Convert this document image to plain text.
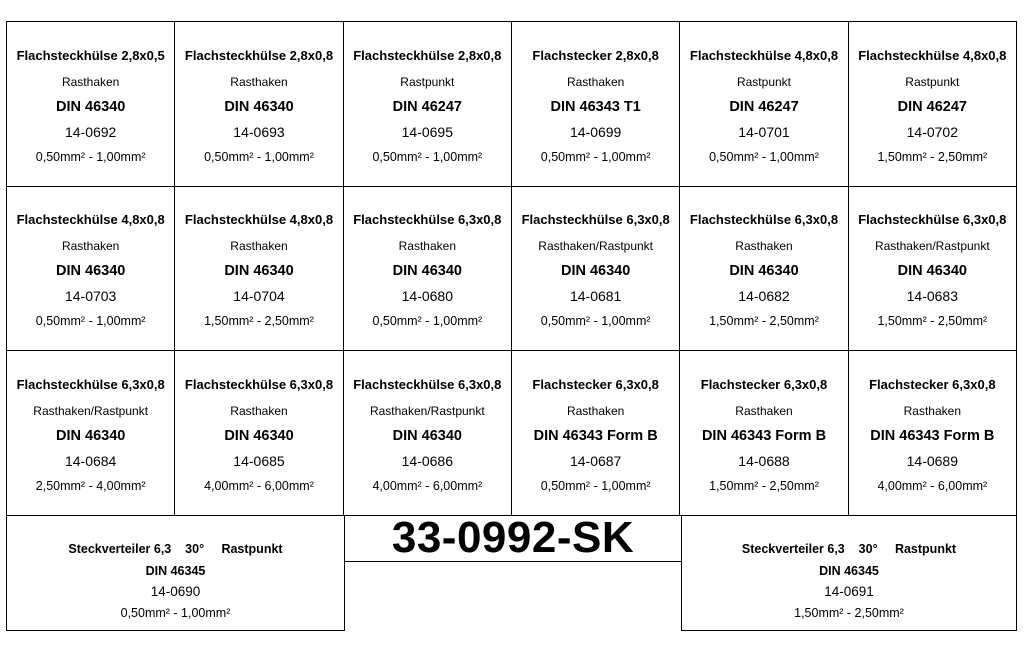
Flachsteckhülse 2,8x0,5
Rasthaken
DIN 46340
14-0692
0,50mm² - 1,00mm²
Flachsteckhülse 2,8x0,8
Rasthaken
DIN 46340
14-0693
0,50mm² - 1,00mm²
Flachsteckhülse 2,8x0,8
Rastpunkt
DIN 46247
14-0695
0,50mm² - 1,00mm²
Flachstecker 2,8x0,8
Rasthaken
DIN 46343 T1
14-0699
0,50mm² - 1,00mm²
Flachsteckhülse 4,8x0,8
Rastpunkt
DIN 46247
14-0701
0,50mm² - 1,00mm²
Flachsteckhülse 4,8x0,8
Rastpunkt
DIN 46247
14-0702
1,50mm² - 2,50mm²
Flachsteckhülse 4,8x0,8
Rasthaken
DIN 46340
14-0703
0,50mm² - 1,00mm²
Flachsteckhülse 4,8x0,8
Rasthaken
DIN 46340
14-0704
1,50mm² - 2,50mm²
Flachsteckhülse 6,3x0,8
Rasthaken
DIN 46340
14-0680
0,50mm² - 1,00mm²
Flachsteckhülse 6,3x0,8
Rasthaken/Rastpunkt
DIN 46340
14-0681
0,50mm² - 1,00mm²
Flachsteckhülse 6,3x0,8
Rasthaken
DIN 46340
14-0682
1,50mm² - 2,50mm²
Flachsteckhülse 6,3x0,8
Rasthaken/Rastpunkt
DIN 46340
14-0683
1,50mm² - 2,50mm²
Flachsteckhülse 6,3x0,8
Rasthaken/Rastpunkt
DIN 46340
14-0684
2,50mm² - 4,00mm²
Flachsteckhülse 6,3x0,8
Rasthaken
DIN 46340
14-0685
4,00mm² - 6,00mm²
Flachsteckhülse 6,3x0,8
Rasthaken/Rastpunkt
DIN 46340
14-0686
4,00mm² - 6,00mm²
Flachstecker 6,3x0,8
Rasthaken
DIN 46343 Form B
14-0687
0,50mm² - 1,00mm²
Flachstecker 6,3x0,8
Rasthaken
DIN 46343 Form B
14-0688
1,50mm² - 2,50mm²
Flachstecker 6,3x0,8
Rasthaken
DIN 46343 Form B
14-0689
4,00mm² - 6,00mm²
Steckverteiler 6,3 30° Rastpunkt
DIN 46345
14-0690
0,50mm² - 1,00mm²
33-0992-SK	Steckverteiler 6,3 30° Rastpunkt
DIN 46345
14-0691
1,50mm² - 2,50mm²
